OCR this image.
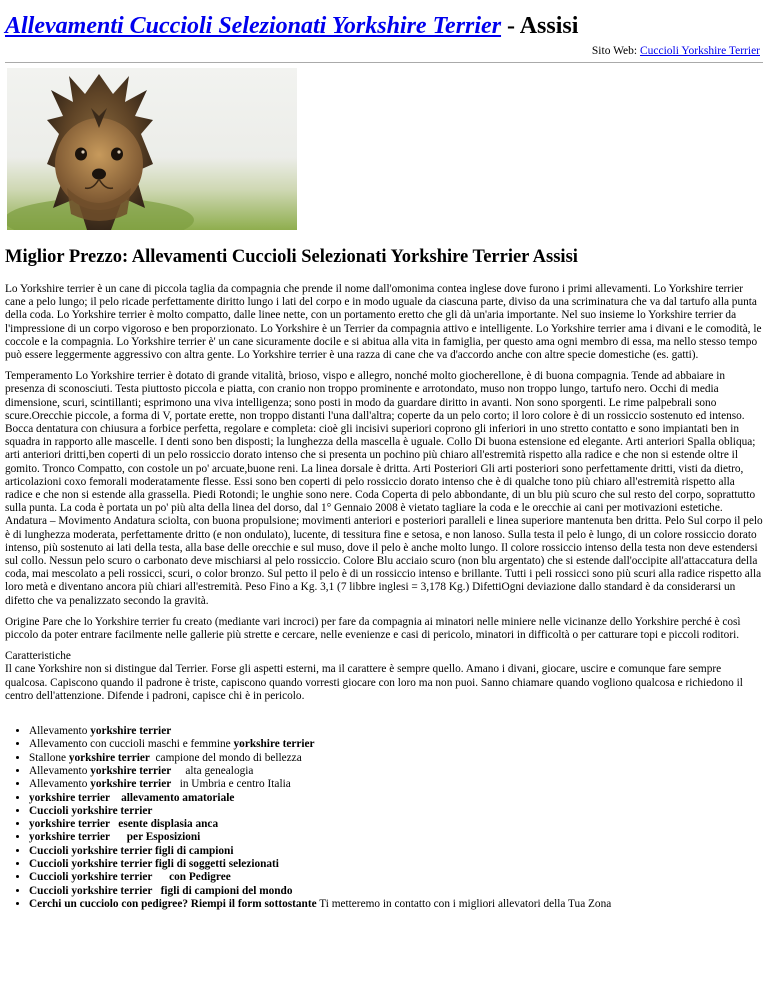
Allevamenti Cuccioli Selezionati Yorkshire Terrier - Assisi
Sito Web: Cuccioli Yorkshire Terrier
Miglior Prezzo: Allevamenti Cuccioli Selezionati Yorkshire Terrier Assisi

Lo Yorkshire terrier è un cane di piccola taglia da compagnia che prende il nome dall'omonima contea inglese dove furono i primi allevamenti. Lo Yorkshire terrier cane a pelo lungo; il pelo ricade perfettamente diritto lungo i lati del corpo e in modo uguale da ciascuna parte, diviso da una scriminatura che va dal tartufo alla punta della coda. Lo Yorkshire terrier è molto compatto, dalle linee nette, con un portamento eretto che gli dà un'aria importante. Nel suo insieme lo Yorkshire terrier da l'impressione di un corpo vigoroso e ben proporzionato. Lo Yorkshire è un Terrier da compagnia attivo e intelligente. Lo Yorkshire terrier ama i divani e le comodità, le coccole e la compagnia. Lo Yorkshire terrier è' un cane sicuramente docile e si abitua alla vita in famiglia, per questo ama ogni membro di essa, ma nello stesso tempo può essere leggermente aggressivo con altra gente. Lo Yorkshire terrier è una razza di cane che va d'accordo anche con altre specie domestiche (es. gatti).

Temperamento Lo Yorkshire terrier è dotato di grande vitalità, brioso, vispo e allegro, nonché molto giocherellone, è di buona compagnia. Tende ad abbaiare in presenza di sconosciuti. Testa piuttosto piccola e piatta, con cranio non troppo prominente e arrotondato, muso non troppo lungo, tartufo nero. Occhi di media dimensione, scuri, scintillanti; esprimono una viva intelligenza; sono posti in modo da guardare diritto in avanti. Non sono sporgenti. Le rime palpebrali sono scure.Orecchie piccole, a forma di V, portate erette, non troppo distanti l'una dall'altra; coperte da un pelo corto; il loro colore è di un rossiccio sostenuto ed intenso. Bocca dentatura con chiusura a forbice perfetta, regolare e completa: cioè gli incisivi superiori coprono gli inferiori in uno stretto contatto e sono impiantati ben in squadra in rapporto alle mascelle. I denti sono ben disposti; la lunghezza della mascella è uguale. Collo Di buona estensione ed elegante. Arti anteriori Spalla obliqua; arti anteriori dritti,ben coperti di un pelo rossiccio dorato intenso che si presenta un pochino più chiaro all'estremità rispetto alla radice e che non si estende oltre il gomito. Tronco Compatto, con costole un po' arcuate,buone reni. La linea dorsale è dritta. Arti Posteriori Gli arti posteriori sono perfettamente dritti, visti da dietro, articolazioni coxo femorali moderatamente flesse. Essi sono ben coperti di pelo rossiccio dorato intenso che è di qualche tono più chiaro all'estremità rispetto alla radice e che non si estende alla grassella. Piedi Rotondi; le unghie sono nere. Coda Coperta di pelo abbondante, di un blu più scuro che sul resto del corpo, soprattutto sulla punta. La coda è portata un po' più alta della linea del dorso, dal 1° Gennaio 2008 è vietato tagliare la coda e le orecchie ai cani per motivazioni estetiche. Andatura – Movimento Andatura sciolta, con buona propulsione; movimenti anteriori e posteriori paralleli e linea superiore mantenuta ben dritta. Pelo Sul corpo il pelo è di lunghezza moderata, perfettamente dritto (e non ondulato), lucente, di tessitura fine e setosa, e non lanoso. Sulla testa il pelo è lungo, di un colore rossiccio dorato intenso, più sostenuto ai lati della testa, alla base delle orecchie e sul muso, dove il pelo è anche molto lungo. Il colore rossiccio intenso della testa non deve estendersi sul collo. Nessun pelo scuro o carbonato deve mischiarsi al pelo rossiccio. Colore Blu acciaio scuro (non blu argentato) che si estende dall'occipite all'attaccatura della coda, mai mescolato a peli rossicci, scuri, o color bronzo. Sul petto il pelo è di un rossiccio intenso e brillante. Tutti i peli rossicci sono più scuri alla radice rispetto alla loro metà e diventano ancora più chiari all'estremità. Peso Fino a Kg. 3,1 (7 libbre inglesi = 3,178 Kg.) DifettiOgni deviazione dallo standard è da considerarsi un difetto che va penalizzato secondo la gravità.

Origine Pare che lo Yorkshire terrier fu creato (mediante vari incroci) per fare da compagnia ai minatori nelle miniere nelle vicinanze dello Yorkshire perché è così piccolo da poter entrare facilmente nelle gallerie più strette e cercare, nelle evenienze e casi di pericolo, minatori in difficoltà o per catturare topi e piccoli roditori.

Caratteristiche
Il cane Yorkshire non si distingue dal Terrier. Forse gli aspetti esterni, ma il carattere è sempre quello. Amano i divani, giocare, uscire e comunque fare sempre qualcosa. Capiscono quando il padrone è triste, capiscono quando vorresti giocare con loro ma non puoi. Sanno chiamare quando vogliono qualcosa e richiedono il centro dell'attenzione. Difende i padroni, capisce chi è in pericolo.

• Allevamento yorkshire terrier
• Allevamento con cuccioli maschi e femmine yorkshire terrier
• Stallone yorkshire terrier  campione del mondo di bellezza
• Allevamento yorkshire terrier     alta genealogia
• Allevamento yorkshire terrier   in Umbria e centro Italia
• yorkshire terrier    allevamento amatoriale
• Cuccioli yorkshire terrier
• yorkshire terrier   esente displasia anca
• yorkshire terrier      per Esposizioni
• Cuccioli yorkshire terrier figli di campioni
• Cuccioli yorkshire terrier figli di soggetti selezionati
• Cuccioli yorkshire terrier      con Pedigree
• Cuccioli yorkshire terrier   figli di campioni del mondo
• Cerchi un cucciolo con pedigree? Riempi il form sottostante Ti metteremo in contatto con i migliori allevatori della Tua Zona
